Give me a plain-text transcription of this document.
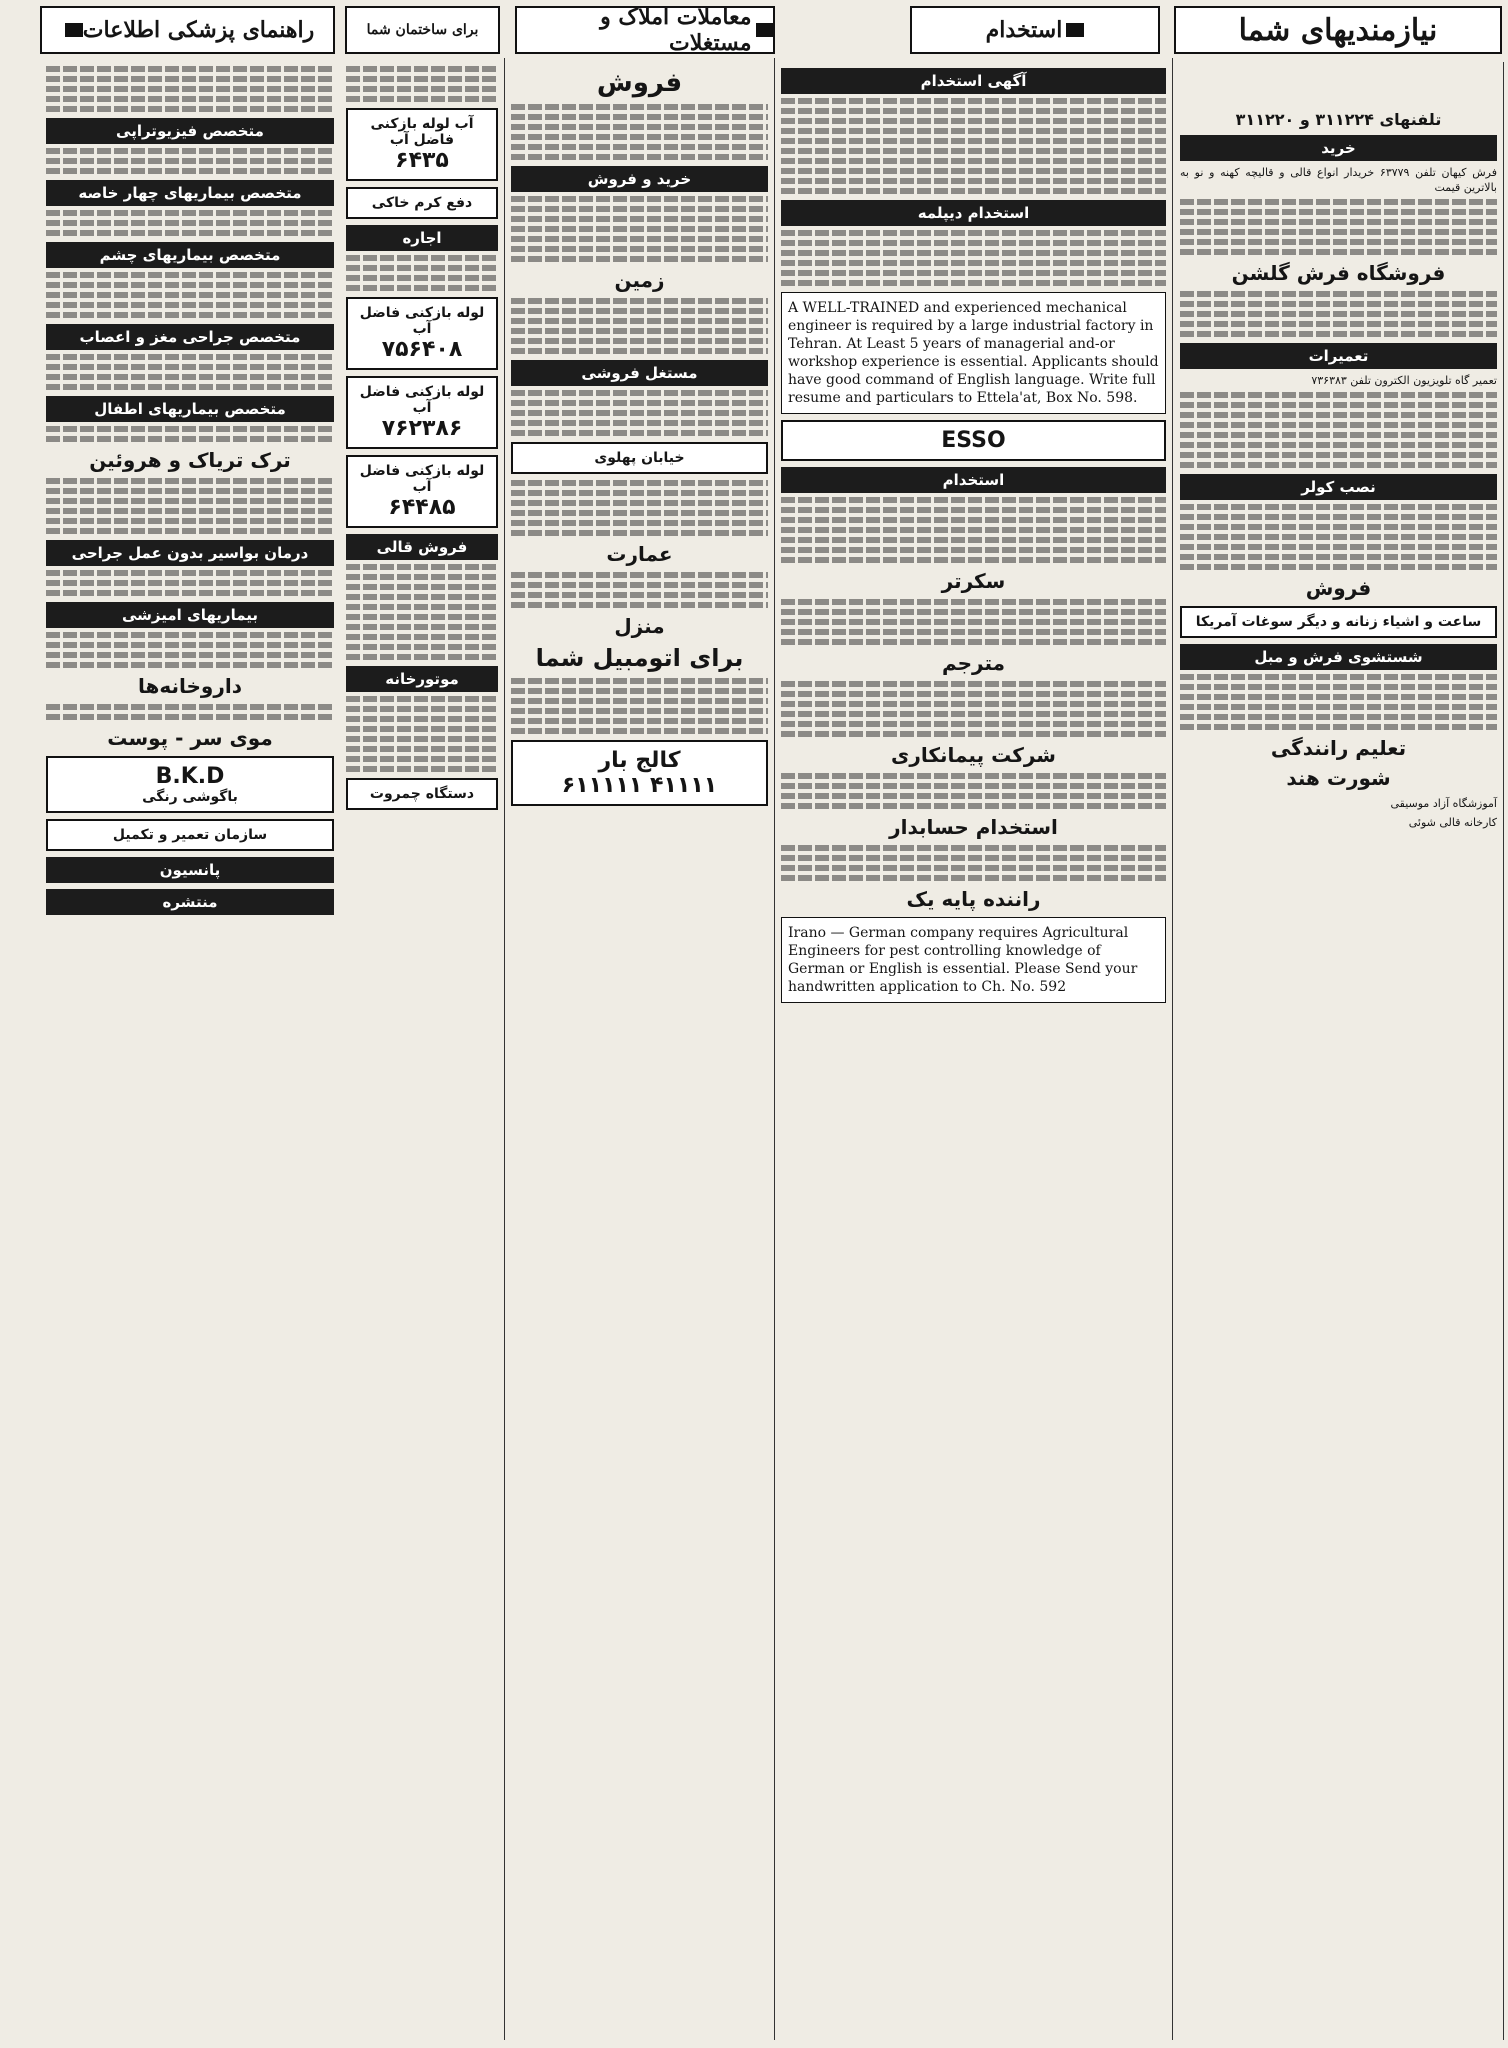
نیازمندیهای شما
استخدام
معاملات املاک و مستغلات
برای ساختمان شما
راهنمای پزشکی اطلاعات
تلفنهای ۳۱۱۲۲۴ و ۳۱۱۲۲۰
خرید
فرش کیهان تلفن ۶۳۷۷۹ خریدار انواع قالی و قالیچه کهنه و نو به بالاترین قیمت
فروشگاه فرش گلشن
تعمیرات
تعمیر گاه تلویزیون الکترون تلفن ۷۳۶۳۸۳
نصب کولر
فروش
ساعت و اشیاء زنانه و دیگر سوغات آمریکا
شستشوی فرش و مبل
تعلیم رانندگی
شورت هند
آموزشگاه آزاد موسیقی
کارخانه قالی شوئی
آگهی استخدام
استخدام دیپلمه
A WELL-TRAINED and experienced mechanical engineer is required by a large industrial factory in Tehran. At Least 5 years of managerial and-or workshop experience is essential. Applicants should have good command of English language. Write full resume and particulars to Ettela'at, Box No. 598.
ESSO
استخدام
سکرتر
مترجم
شرکت پیمانکاری
استخدام حسابدار
راننده پایه یک
Irano — German company requires Agricultural Engineers for pest controlling knowledge of German or English is essential. Please Send your handwritten application to Ch. No. 592
فروش
خرید و فروش
زمین
مستغل فروشی
خیابان پهلوی
عمارت
منزل
برای اتومبیل شما
کالج بار
۴۱۱۱۱ ۶۱۱۱۱۱
آب لوله بازکنی فاضل آب
۶۴۳۵
دفع کرم خاکی
اجاره
لوله بازکنی فاضل آب
۷۵۶۴۰۸
لوله بازکنی فاضل آب
۷۶۲۳۸۶
لوله بازکنی فاضل آب
۶۴۴۸۵
فروش قالی
موتورخانه
دستگاه چمروت
متخصص فیزیوتراپی
متخصص بیماریهای چهار خاصه
متخصص بیماریهای چشم
متخصص جراحی مغز و اعصاب
متخصص بیماریهای اطفال
ترک تریاک و هروئین
درمان بواسیر بدون عمل جراحی
بیماریهای امیزشی
داروخانه‌ها
موی سر - پوست
B.K.D
باگوشی رنگی
سازمان تعمیر و تکمیل
پانسیون
منتشره
